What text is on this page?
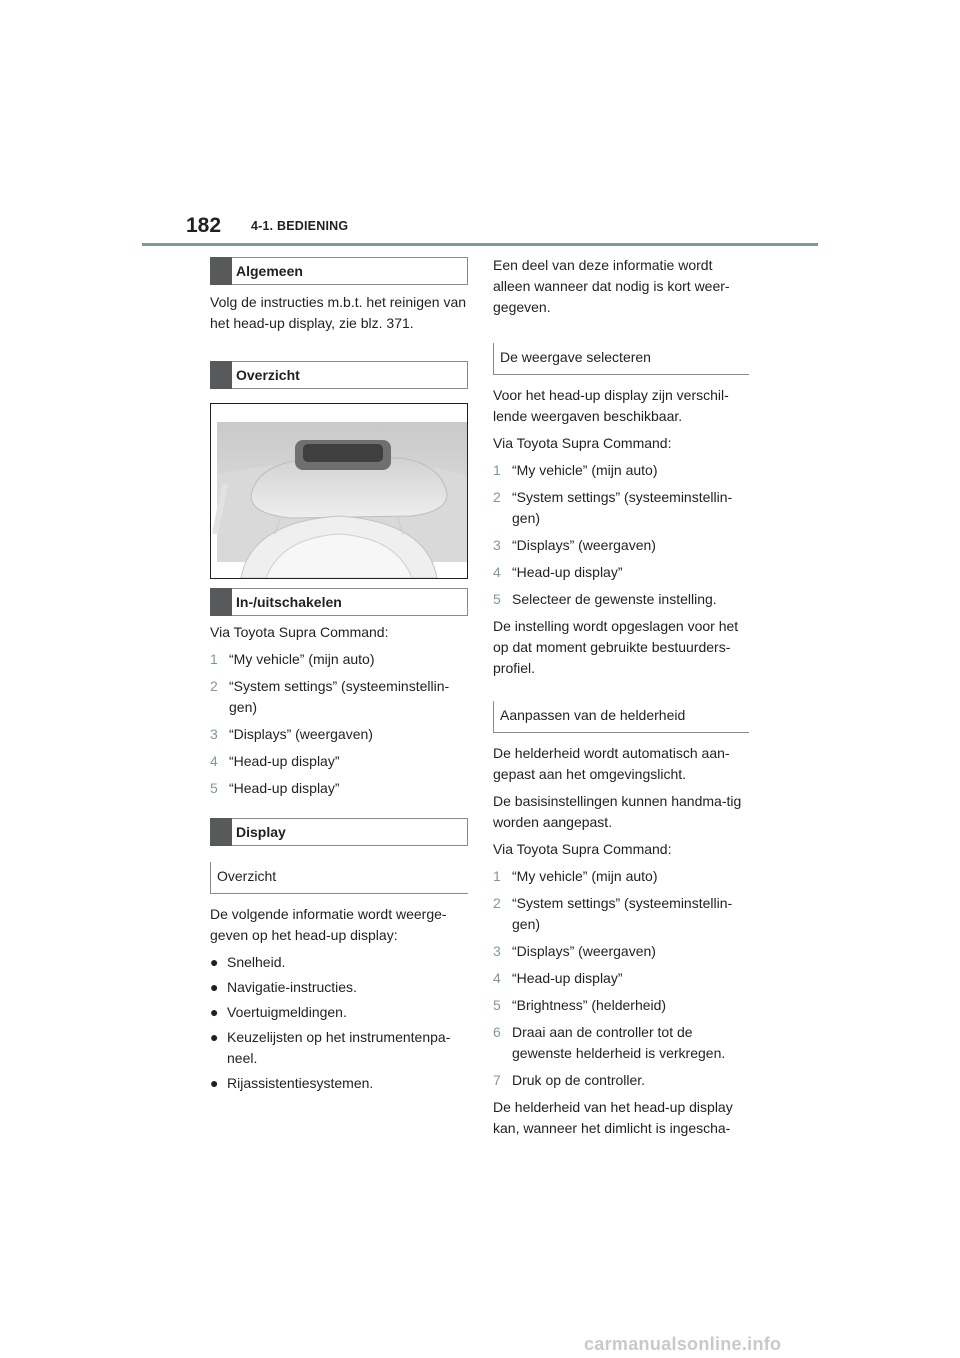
182 4-1. BEDIENING
Algemeen

Volg de instructies m.b.t. het reinigen van het head-up display, zie blz. 371.

Overzicht
In-/uitschakelen

Via Toyota Supra Command:

1 “My vehicle” (mijn auto)
2 “System settings” (systeeminstellin-gen)
3 “Displays” (weergaven)
4 “Head-up display”
5 “Head-up display”
Display
Overzicht

De volgende informatie wordt weerge-geven op het head-up display:

● Snelheid.
● Navigatie-instructies.
● Voertuigmeldingen.
● Keuzelijsten op het instrumentenpa-neel.
● Rijassistentiesystemen.

Een deel van deze informatie wordt alleen wanneer dat nodig is kort weer-gegeven.

De weergave selecteren

Voor het head-up display zijn verschil-lende weergaven beschikbaar.

Via Toyota Supra Command:

1 “My vehicle” (mijn auto)
2 “System settings” (systeeminstellin-gen)
3 “Displays” (weergaven)
4 “Head-up display”
5 Selecteer de gewenste instelling.

De instelling wordt opgeslagen voor het op dat moment gebruikte bestuurders-profiel.

Aanpassen van de helderheid

De helderheid wordt automatisch aan-gepast aan het omgevingslicht.

De basisinstellingen kunnen handma-tig worden aangepast.

Via Toyota Supra Command:

1 “My vehicle” (mijn auto)
2 “System settings” (systeeminstellin-gen)
3 “Displays” (weergaven)
4 “Head-up display”
5 “Brightness” (helderheid)
6 Draai aan de controller tot de gewenste helderheid is verkregen.
7 Druk op de controller.

De helderheid van het head-up display kan, wanneer het dimlicht is ingescha-

carmanualsonline.info
